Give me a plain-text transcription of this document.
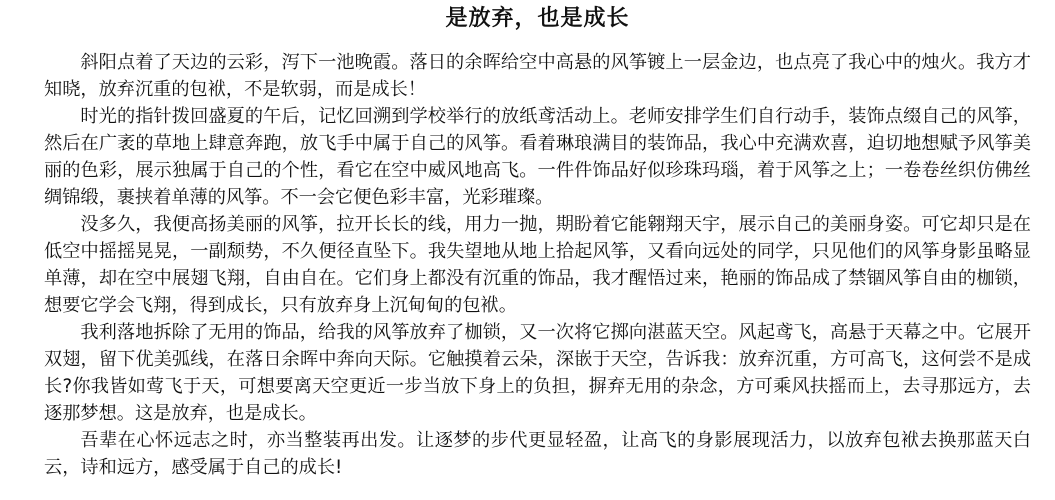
是放弃，也是成长

斜阳点着了天边的云彩，泻下一池晚霞。落日的余晖给空中高悬的风筝镀上一层金边，也点亮了我心中的烛火。我方才知晓，放弃沉重的包袱，不是软弱，而是成长！

时光的指针拨回盛夏的午后，记忆回溯到学校举行的放纸鸢活动上。老师安排学生们自行动手，装饰点缀自己的风筝，然后在广袤的草地上肆意奔跑，放飞手中属于自己的风筝。看着琳琅满目的装饰品，我心中充满欢喜，迫切地想赋予风筝美丽的色彩，展示独属于自己的个性，看它在空中威风地高飞。一件件饰品好似珍珠玛瑙，着于风筝之上；一卷卷丝织仿佛丝绸锦缎，裹挟着单薄的风筝。不一会它便色彩丰富，光彩璀璨。

没多久，我便高扬美丽的风筝，拉开长长的线，用力一抛，期盼着它能翱翔天宇，展示自己的美丽身姿。可它却只是在低空中摇摇晃晃，一副颓势，不久便径直坠下。我失望地从地上拾起风筝，又看向远处的同学，只见他们的风筝身影虽略显单薄，却在空中展翅飞翔，自由自在。它们身上都没有沉重的饰品，我才醒悟过来，艳丽的饰品成了禁锢风筝自由的枷锁，想要它学会飞翔，得到成长，只有放弃身上沉甸甸的包袱。

我利落地拆除了无用的饰品，给我的风筝放弃了枷锁，又一次将它掷向湛蓝天空。风起鸢飞，高悬于天幕之中。它展开双翅，留下优美弧线，在落日余晖中奔向天际。它触摸着云朵，深嵌于天空，告诉我：放弃沉重，方可高飞，这何尝不是成长?你我皆如莺飞于天，可想要离天空更近一步当放下身上的负担，摒弃无用的杂念，方可乘风扶摇而上，去寻那远方，去逐那梦想。这是放弃，也是成长。

吾辈在心怀远志之时，亦当整装再出发。让逐梦的步代更显轻盈，让高飞的身影展现活力，以放弃包袱去换那蓝天白云，诗和远方，感受属于自己的成长!
